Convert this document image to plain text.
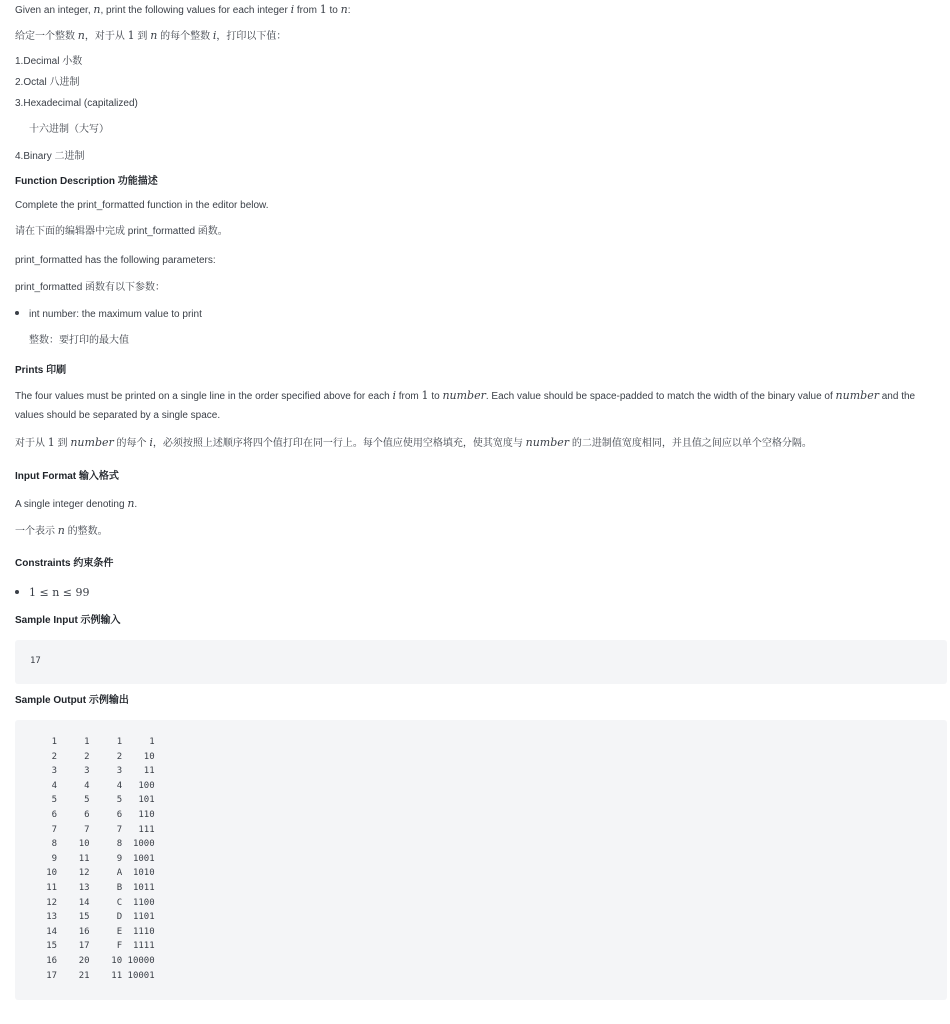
Given an integer, n, print the following values for each integer i from 1 to n:

给定一个整数 n，对于从 1 到 n 的每个整数 i，打印以下值：

1.Decimal 小数
2.Octal 八进制
3.Hexadecimal (capitalized)
十六进制（大写）
4.Binary 二进制
Function Description 功能描述

Complete the print_formatted function in the editor below.

请在下面的编辑器中完成 print_formatted 函数。

print_formatted has the following parameters:

print_formatted 函数有以下参数：

int number: the maximum value to print

整数：要打印的最大值

Prints 印刷

The four values must be printed on a single line in the order specified above for each i from 1 to number. Each value should be space-padded to match the width of the binary value of number and the

values should be separated by a single space.

对于从 1 到 number 的每个 i，必须按照上述顺序将四个值打印在同一行上。每个值应使用空格填充，使其宽度与 number 的二进制值宽度相同，并且值之间应以单个空格分隔。

Input Format 输入格式

A single integer denoting n.

一个表示 n 的整数。

Constraints 约束条件
1 ≤ n ≤ 99
Sample Input 示例输入
17
Sample Output 示例输出
1     1     1     1
2     2     2    10
3     3     3    11
4     4     4   100
5     5     5   101
6     6     6   110
7     7     7   111
8    10     8  1000
9    11     9  1001
10    12     A  1010
11    13     B  1011
12    14     C  1100
13    15     D  1101
14    16     E  1110
15    17     F  1111
16    20    10 10000
17    21    11 10001
